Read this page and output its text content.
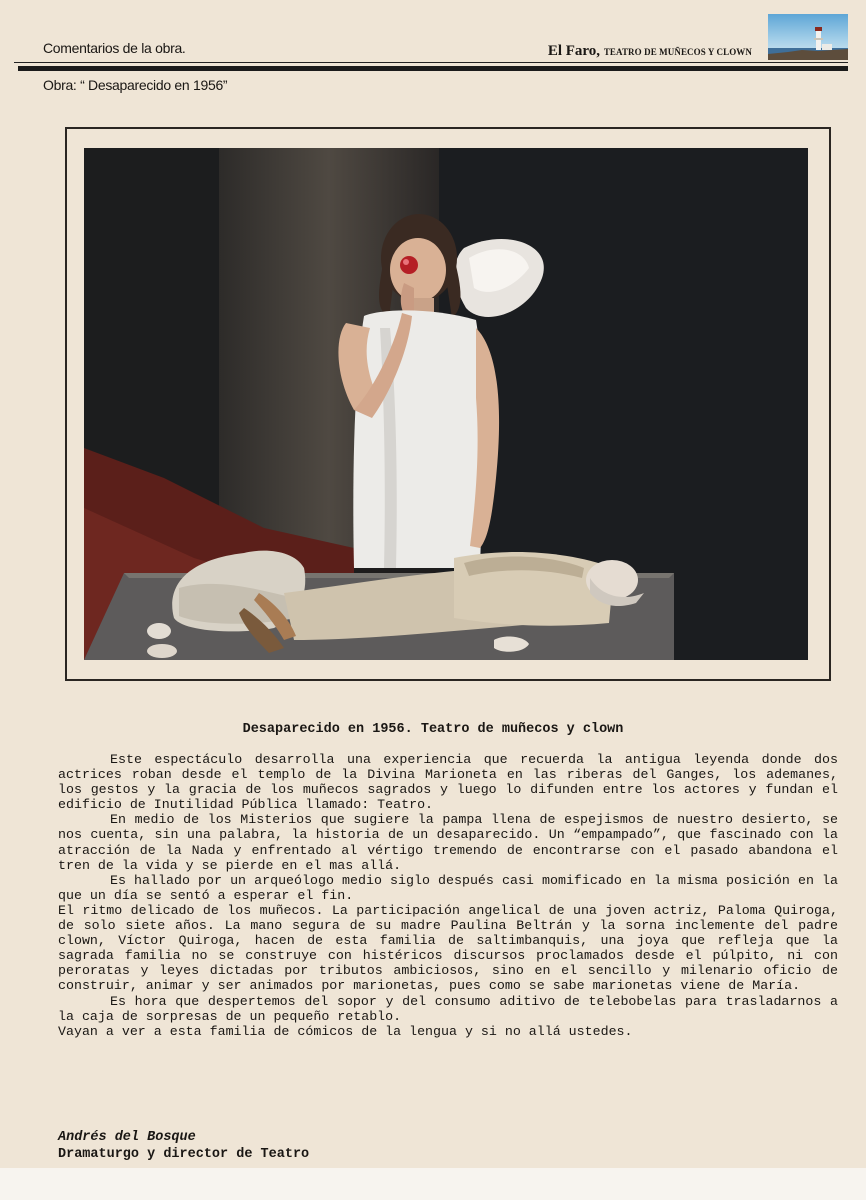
Comentarios de la obra.	El Faro, TEATRO DE MUÑECOS Y CLOWN
Obra: “ Desaparecido en 1956”
Desaparecido en 1956. Teatro de muñecos y clown

Este espectáculo desarrolla una experiencia que recuerda la antigua leyenda donde dos actrices roban desde el templo de la Divina Marioneta en las riberas del Ganges, los ademanes, los gestos y la gracia de los muñecos sagrados y luego lo difunden entre los actores y fundan el edificio de Inutilidad Pública llamado: Teatro.

En medio de los Misterios que sugiere la pampa llena de espejismos de nuestro desierto, se nos cuenta, sin una palabra, la historia de un desaparecido. Un “empampado”, que fascinado con la atracción de la Nada y enfrentado al vértigo tremendo de encontrarse con el pasado abandona el tren de la vida y se pierde en el mas allá.

Es hallado por un arqueólogo medio siglo después casi momificado en la misma posición en la que un día se sentó a esperar el fin.

El ritmo delicado de los muñecos. La participación angelical de una joven actriz, Paloma Quiroga, de solo siete años. La mano segura de su madre Paulina Beltrán y la sorna inclemente del padre clown, Víctor Quiroga, hacen de esta familia de saltimbanquis, una joya que refleja que la sagrada familia no se construye con histéricos discursos proclamados desde el púlpito, ni con peroratas y leyes dictadas por tributos ambiciosos, sino en el sencillo y milenario oficio de construir, animar y ser animados por marionetas, pues como se sabe marionetas viene de María.

Es hora que despertemos del sopor y del consumo aditivo de telebobelas para trasladarnos a la caja de sorpresas de un pequeño retablo.

Vayan a ver a esta familia de cómicos de la lengua y si no allá ustedes.

Andrés del Bosque
Dramaturgo y director de Teatro
